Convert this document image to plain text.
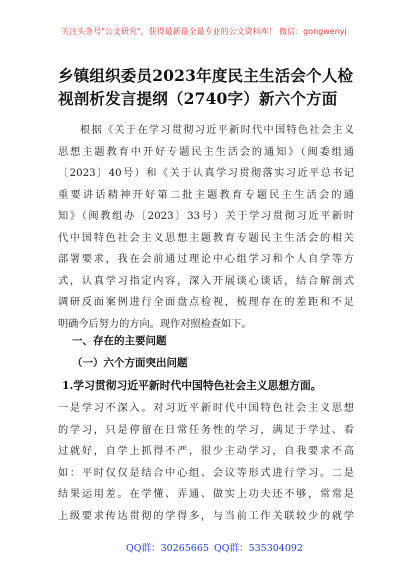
关注头条号"公文研究"，获得最新最全最专业的公文资料库！ 微信：gongwenyj
乡镇组织委员2023年度民主生活会个人检
视剖析发言提纲（2740字）新六个方面
根据《关于在学习贯彻习近平新时代中国特色社会主义
思想主题教育中开好专题民主生活会的通知》（闽委组通
〔2023〕40号）和《关于认真学习贯彻落实习近平总书记
重要讲话精神开好第二批主题教育专题民主生活会的通
知》（闽教组办〔2023〕33号）关于学习贯彻习近平新时
代中国特色社会主义思想主题教育专题民主生活会的相关
部署要求，我在会前通过理论中心组学习和个人自学等方
式，认真学习指定内容，深入开展谈心谈话，结合解剖式
调研反面案例进行全面盘点检视，梳理存在的差距和不足
明确今后努力的方向。现作对照检查如下。
一、存在的主要问题
（一）六个方面突出问题
1.学习贯彻习近平新时代中国特色社会主义思想方面。
一是学习不深入。对习近平新时代中国特色社会主义思想
的学习，只是停留在日常任务性的学习，满足于学过、看
过就好，自学上抓得不严，很少主动学习，自我要求不高
如：平时仅仅是结合中心组、会议等形式进行学习。二是
结果运用差。在学懂、弄通、做实上功夫还不够，常常是
上级要求传达贯彻的学得多，与当前工作关联较少的就学
QQ群：30265665 QQ群：535304092
